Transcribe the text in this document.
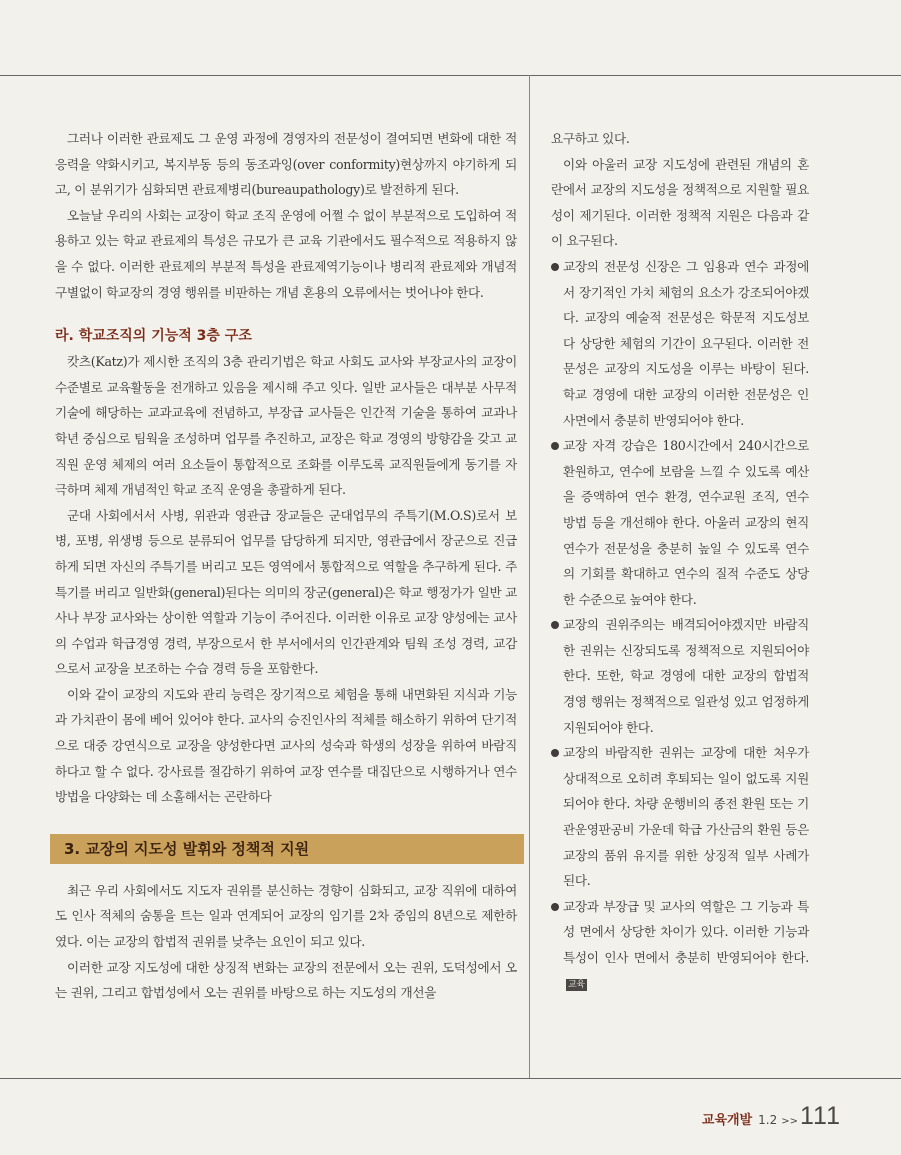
그러나 이러한 관료제도 그 운영 과정에 경영자의 전문성이 결여되면 변화에 대한 적응력을 약화시키고, 복지부동 등의 동조과잉(over conformity)현상까지 야기하게 되고, 이 분위기가 심화되면 관료제병리(bureaupathology)로 발전하게 된다.

오늘날 우리의 사회는 교장이 학교 조직 운영에 어쩔 수 없이 부분적으로 도입하여 적용하고 있는 학교 관료제의 특성은 규모가 큰 교육 기관에서도 필수적으로 적용하지 않을 수 없다. 이러한 관료제의 부분적 특성을 관료제역기능이나 병리적 관료제와 개념적 구별없이 학교장의 경영 행위를 비판하는 개념 혼용의 오류에서는 벗어나야 한다.

라. 학교조직의 기능적 3층 구조

캇츠(Katz)가 제시한 조직의 3층 관리기법은 학교 사회도 교사와 부장교사의 교장이 수준별로 교육활동을 전개하고 있음을 제시해 주고 잇다. 일반 교사들은 대부분 사무적 기술에 해당하는 교과교육에 전념하고, 부장급 교사들은 인간적 기술을 통하여 교과나 학년 중심으로 팀웍을 조성하며 업무를 추진하고, 교장은 학교 경영의 방향감을 갖고 교직원 운영 체제의 여러 요소들이 통합적으로 조화를 이루도록 교직원들에게 동기를 자극하며 체제 개념적인 학교 조직 운영을 총괄하게 된다.

군대 사회에서서 사병, 위관과 영관급 장교들은 군대업무의 주특기(M.O.S)로서 보병, 포병, 위생병 등으로 분류되어 업무를 담당하게 되지만, 영관급에서 장군으로 진급하게 되면 자신의 주특기를 버리고 모든 영역에서 통합적으로 역할을 추구하게 된다. 주특기를 버리고 일반화(general)된다는 의미의 장군(general)은 학교 행정가가 일반 교사나 부장 교사와는 상이한 역할과 기능이 주어진다. 이러한 이유로 교장 양성에는 교사의 수업과 학급경영 경력, 부장으로서 한 부서에서의 인간관계와 팀웍 조성 경력, 교감으로서 교장을 보조하는 수습 경력 등을 포함한다.

이와 같이 교장의 지도와 관리 능력은 장기적으로 체험을 통해 내면화된 지식과 기능과 가치관이 몸에 베어 있어야 한다. 교사의 승진인사의 적체를 해소하기 위하여 단기적으로 대중 강연식으로 교장을 양성한다면 교사의 성숙과 학생의 성장을 위하여 바람직하다고 할 수 없다. 강사료를 절감하기 위하여 교장 연수를 대집단으로 시행하거나 연수 방법을 다양화는 데 소홀해서는 곤란하다

3. 교장의 지도성 발휘와 정책적 지원

최근 우리 사회에서도 지도자 권위를 분신하는 경향이 심화되고, 교장 직위에 대하여도 인사 적체의 숨통을 트는 일과 연계되어 교장의 임기를 2차 중임의 8년으로 제한하였다. 이는 교장의 합법적 권위를 낮추는 요인이 되고 있다.

이러한 교장 지도성에 대한 상징적 변화는 교장의 전문에서 오는 권위, 도덕성에서 오는 권위, 그리고 합법성에서 오는 권위를 바탕으로 하는 지도성의 개선을

요구하고 있다.

이와 아울러 교장 지도성에 관련된 개념의 혼란에서 교장의 지도성을 정책적으로 지원할 필요성이 제기된다. 이러한 정책적 지원은 다음과 같이 요구된다.

교장의 전문성 신장은 그 임용과 연수 과정에서 장기적인 가치 체험의 요소가 강조되어야겠다. 교장의 예술적 전문성은 학문적 지도성보다 상당한 체험의 기간이 요구된다. 이러한 전문성은 교장의 지도성을 이루는 바탕이 된다. 학교 경영에 대한 교장의 이러한 전문성은 인사면에서 충분히 반영되어야 한다.
교장 자격 강습은 180시간에서 240시간으로 환원하고, 연수에 보람을 느낄 수 있도록 예산을 증액하여 연수 환경, 연수교원 조직, 연수 방법 등을 개선해야 한다. 아울러 교장의 현직 연수가 전문성을 충분히 높일 수 있도록 연수의 기회를 확대하고 연수의 질적 수준도 상당한 수준으로 높여야 한다.
교장의 권위주의는 배격되어야겠지만 바람직한 권위는 신장되도록 정책적으로 지원되어야 한다. 또한, 학교 경영에 대한 교장의 합법적 경영 행위는 정책적으로 일관성 있고 엄정하게 지원되어야 한다.
교장의 바람직한 권위는 교장에 대한 처우가 상대적으로 오히려 후퇴되는 일이 없도록 지원되어야 한다. 차량 운행비의 종전 환원 또는 기관운영판공비 가운데 학급 가산금의 환원 등은 교장의 품위 유지를 위한 상징적 일부 사례가 된다.
교장과 부장급 및 교사의 역할은 그 기능과 특성 면에서 상당한 차이가 있다. 이러한 기능과 특성이 인사 면에서 충분히 반영되어야 한다.교육
교육개발 1.2 >> 111
